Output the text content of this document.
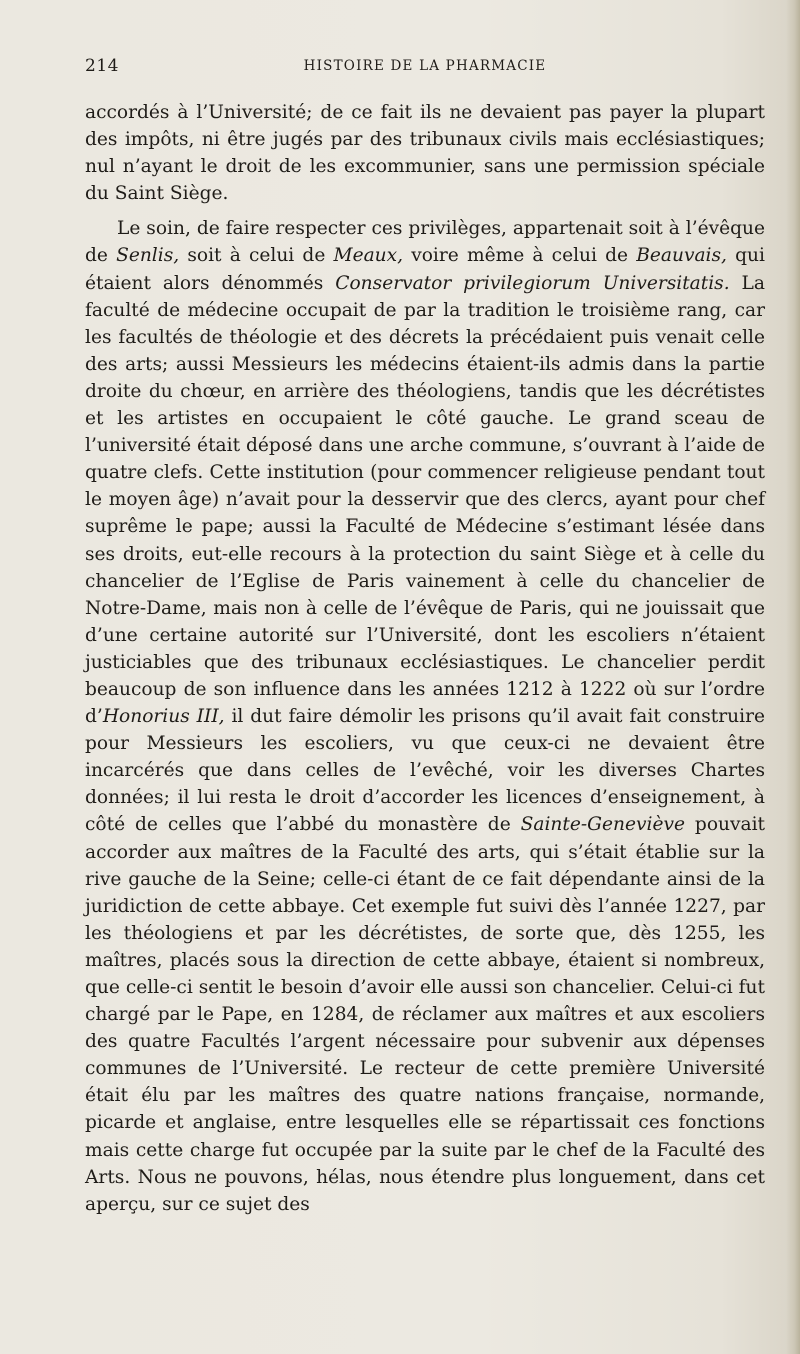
214	HISTOIRE DE LA PHARMACIE

accordés à l’Université; de ce fait ils ne devaient pas payer la plupart des impôts, ni être jugés par des tribunaux civils mais ecclésiastiques; nul n’ayant le droit de les excommunier, sans une permission spéciale du Saint Siège.

Le soin, de faire respecter ces privilèges, appartenait soit à l’évêque de Senlis, soit à celui de Meaux, voire même à celui de Beauvais, qui étaient alors dénommés Conservator privilegiorum Universitatis. La faculté de médecine occupait de par la tradition le troisième rang, car les facultés de théologie et des décrets la précédaient puis venait celle des arts; aussi Messieurs les médecins étaient-ils admis dans la partie droite du chœur, en arrière des théologiens, tandis que les décrétistes et les artistes en occupaient le côté gauche. Le grand sceau de l’université était déposé dans une arche commune, s’ouvrant à l’aide de quatre clefs. Cette institution (pour commencer religieuse pendant tout le moyen âge) n’avait pour la desservir que des clercs, ayant pour chef suprême le pape; aussi la Faculté de Médecine s’estimant lésée dans ses droits, eut-elle recours à la protection du saint Siège et à celle du chancelier de l’Eglise de Paris vainement à celle du chancelier de Notre-Dame, mais non à celle de l’évêque de Paris, qui ne jouissait que d’une certaine autorité sur l’Université, dont les escoliers n’étaient justiciables que des tribunaux ecclésiastiques. Le chancelier perdit beaucoup de son influence dans les années 1212 à 1222 où sur l’ordre d’Honorius III, il dut faire démolir les prisons qu’il avait fait construire pour Messieurs les escoliers, vu que ceux-ci ne devaient être incarcérés que dans celles de l’evêché, voir les diverses Chartes données; il lui resta le droit d’accorder les licences d’enseignement, à côté de celles que l’abbé du monastère de Sainte-Geneviève pouvait accorder aux maîtres de la Faculté des arts, qui s’était établie sur la rive gauche de la Seine; celle-ci étant de ce fait dépendante ainsi de la juridiction de cette abbaye. Cet exemple fut suivi dès l’année 1227, par les théologiens et par les décrétistes, de sorte que, dès 1255, les maîtres, placés sous la direction de cette abbaye, étaient si nombreux, que celle-ci sentit le besoin d’avoir elle aussi son chancelier. Celui-ci fut chargé par le Pape, en 1284, de réclamer aux maîtres et aux escoliers des quatre Facultés l’argent nécessaire pour subvenir aux dépenses communes de l’Université. Le recteur de cette première Université était élu par les maîtres des quatre nations française, normande, picarde et anglaise, entre lesquelles elle se répartissait ces fonctions mais cette charge fut occupée par la suite par le chef de la Faculté des Arts. Nous ne pouvons, hélas, nous étendre plus longuement, dans cet aperçu, sur ce sujet des
